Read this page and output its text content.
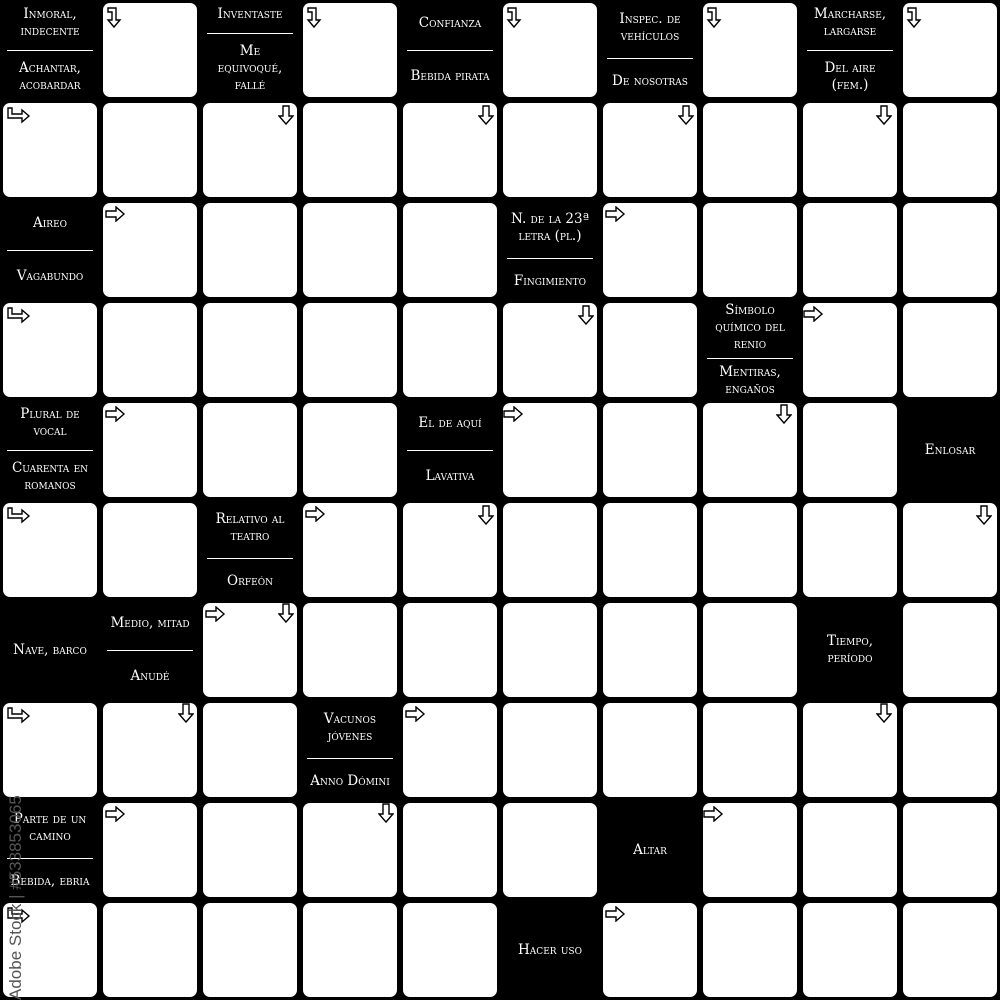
Inmoral, indecente
Achantar, acobardar
Inventaste
Me equivoqué, fallé
Confianza
Bebida pirata
Inspec. de vehículos
De nosotras
Marcharse, largarse
Del aire (fem.)
Aireo
Vagabundo
N. de la 23ª letra (pl.)
Fingimiento
Símbolo químico del renio
Mentiras, engaños
Plural de vocal
Cuarenta en romanos
El de aquí
Lavativa
Enlosar
Relativo al teatro
Orfeón
Nave, barco
Medio, mitad
Anudé
Tiempo, período
Vacunos jóvenes
Anno Dómini
Parte de un camino
Bebida, ebria
Altar
Hacer uso
Adobe Stock | #533853065
